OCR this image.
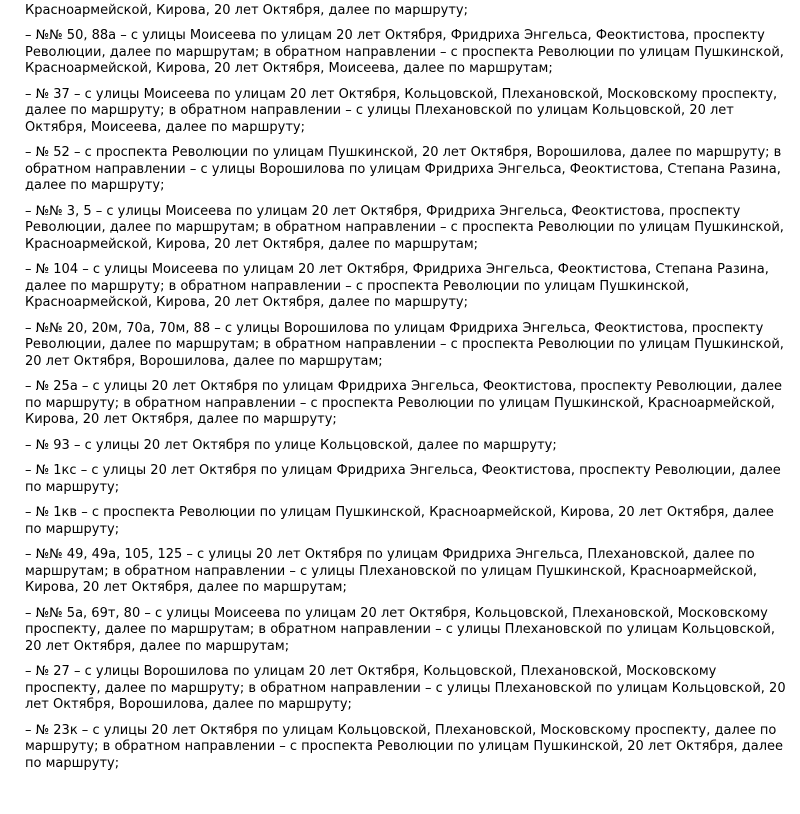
Красноармейской, Кирова, 20 лет Октября, далее по маршруту;

– №№ 50, 88а – с улицы Моисеева по улицам 20 лет Октября, Фридриха Энгельса, Феоктистова, проспекту Революции, далее по маршрутам; в обратном направлении – с проспекта Революции по улицам Пушкинской, Красноармейской, Кирова, 20 лет Октября, Моисеева, далее по маршрутам;

– № 37 – с улицы Моисеева по улицам 20 лет Октября, Кольцовской, Плехановской, Московскому проспекту, далее по маршруту; в обратном направлении – с улицы Плехановской по улицам Кольцовской, 20 лет Октября, Моисеева, далее по маршруту;

– № 52 – с проспекта Революции по улицам Пушкинской, 20 лет Октября, Ворошилова, далее по маршруту; в обратном направлении – с улицы Ворошилова по улицам Фридриха Энгельса, Феоктистова, Степана Разина, далее по маршруту;

– №№ 3, 5 – с улицы Моисеева по улицам 20 лет Октября, Фридриха Энгельса, Феоктистова, проспекту Революции, далее по маршрутам; в обратном направлении – с проспекта Революции по улицам Пушкинской, Красноармейской, Кирова, 20 лет Октября, далее по маршрутам;

– № 104 – с улицы Моисеева по улицам 20 лет Октября, Фридриха Энгельса, Феоктистова, Степана Разина, далее по маршруту; в обратном направлении – с проспекта Революции по улицам Пушкинской, Красноармейской, Кирова, 20 лет Октября, далее по маршруту;

– №№ 20, 20м, 70а, 70м, 88 – с улицы Ворошилова по улицам Фридриха Энгельса, Феоктистова, проспекту Революции, далее по маршрутам; в обратном направлении – с проспекта Революции по улицам Пушкинской, 20 лет Октября, Ворошилова, далее по маршрутам;

– № 25а – с улицы 20 лет Октября по улицам Фридриха Энгельса, Феоктистова, проспекту Революции, далее по маршруту; в обратном направлении – с проспекта Революции по улицам Пушкинской, Красноармейской, Кирова, 20 лет Октября, далее по маршруту;

– № 93 – с улицы 20 лет Октября по улице Кольцовской, далее по маршруту;

– № 1кс – с улицы 20 лет Октября по улицам Фридриха Энгельса, Феоктистова, проспекту Революции, далее по маршруту;

– № 1кв – с проспекта Революции по улицам Пушкинской, Красноармейской, Кирова, 20 лет Октября, далее по маршруту;

– №№ 49, 49а, 105, 125 – с улицы 20 лет Октября по улицам Фридриха Энгельса, Плехановской, далее по маршрутам; в обратном направлении – с улицы Плехановской по улицам Пушкинской, Красноармейской, Кирова, 20 лет Октября, далее по маршрутам;

– №№ 5а, 69т, 80 – с улицы Моисеева по улицам 20 лет Октября, Кольцовской, Плехановской, Московскому проспекту, далее по маршрутам; в обратном направлении – с улицы Плехановской по улицам Кольцовской, 20 лет Октября, далее по маршрутам;

– № 27 – с улицы Ворошилова по улицам 20 лет Октября, Кольцовской, Плехановской, Московскому проспекту, далее по маршруту; в обратном направлении – с улицы Плехановской по улицам Кольцовской, 20 лет Октября, Ворошилова, далее по маршруту;

– № 23к – с улицы 20 лет Октября по улицам Кольцовской, Плехановской, Московскому проспекту, далее по маршруту; в обратном направлении – с проспекта Революции по улицам Пушкинской, 20 лет Октября, далее по маршруту;
